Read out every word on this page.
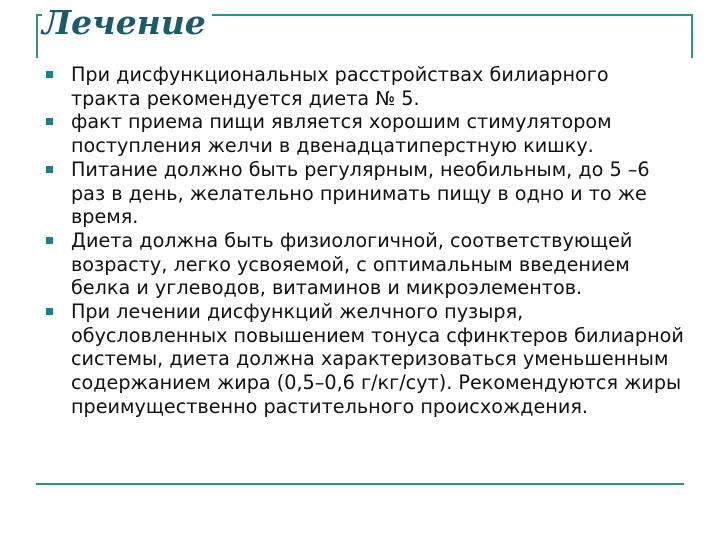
Лечение
При дисфункциональных расстройствах билиарного тракта рекомендуется диета № 5.
факт приема пищи является хорошим стимулятором поступления желчи в двенадцатиперстную кишку.
Питание должно быть регулярным, необильным, до 5 –6 раз в день, желательно принимать пищу в одно и то же время.
Диета должна быть физиологичной, соответствующей возрасту, легко усвояемой, с оптимальным введением белка и углеводов, витаминов и микроэлементов.
При лечении дисфункций желчного пузыря, обусловленных повышением тонуса сфинктеров билиарной системы, диета должна характеризоваться уменьшенным содержанием жира (0,5–0,6 г/кг/сут). Рекомендуются жиры преимущественно растительного происхождения.
